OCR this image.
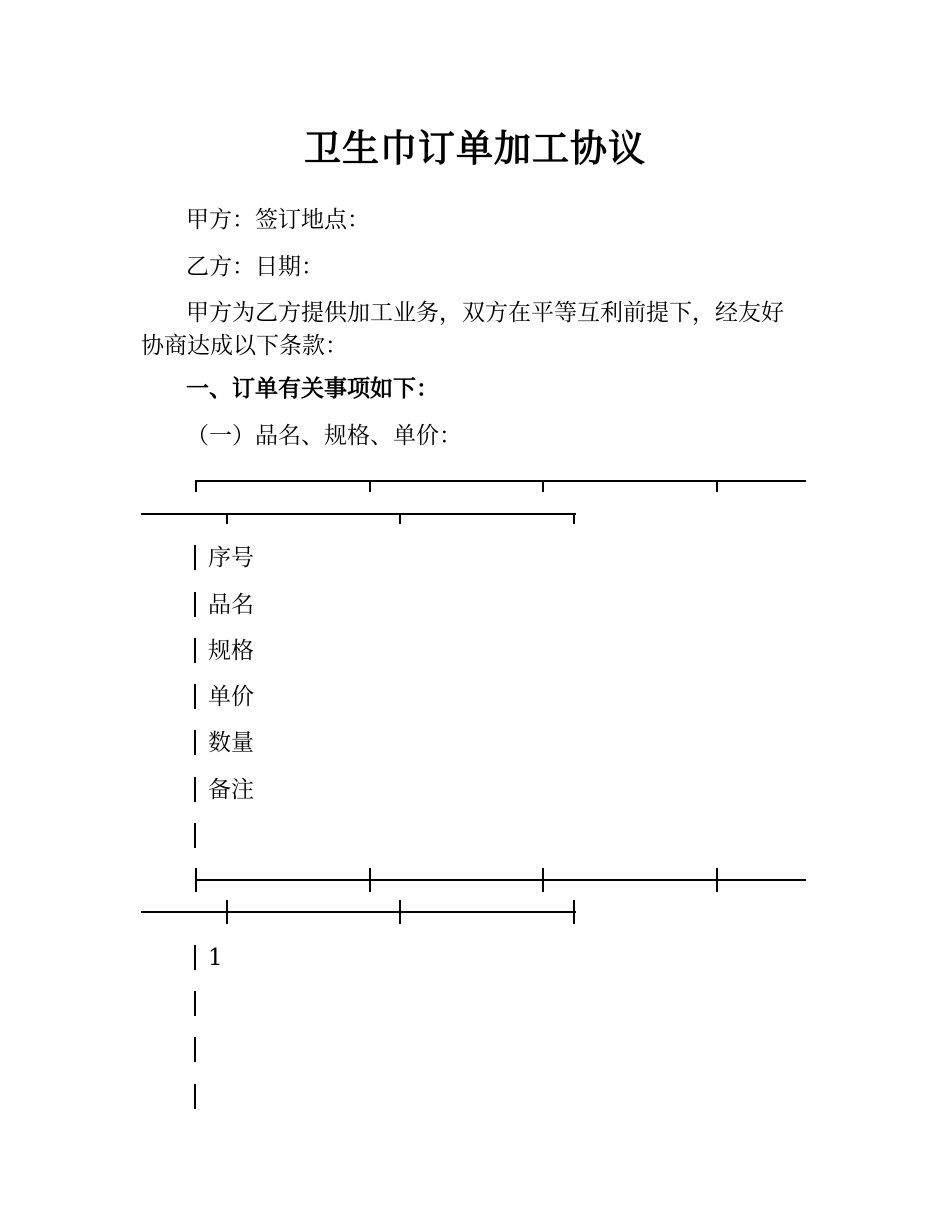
卫生巾订单加工协议
甲方：签订地点：
乙方：日期：

甲方为乙方提供加工业务，双方在平等互利前提下，经友好协商达成以下条款：

一、订单有关事项如下：
（一）品名、规格、单价：
序号
品名
规格
单价
数量
备注
1
